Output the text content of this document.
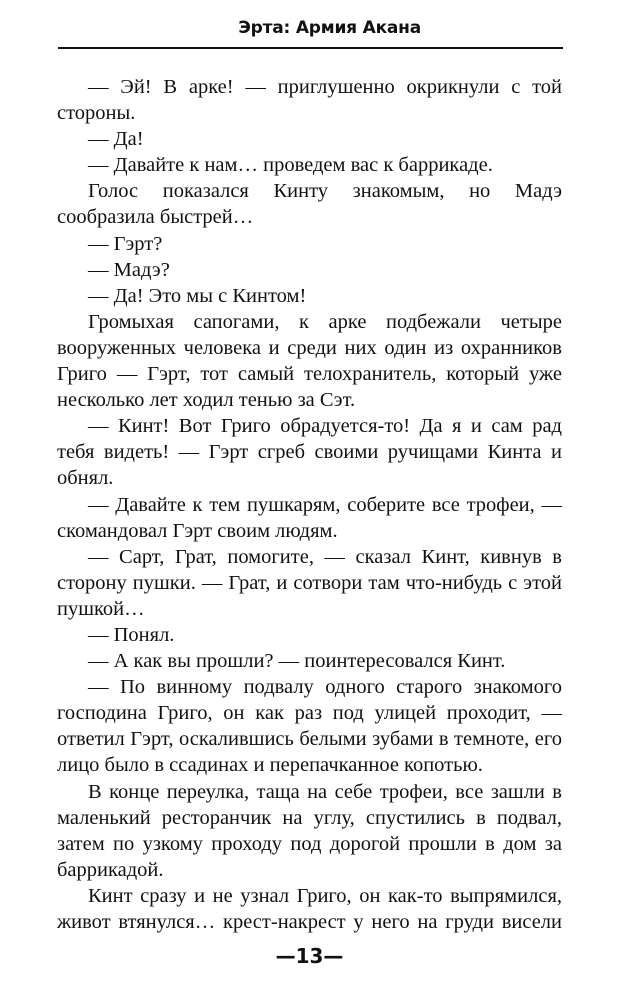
Эрта: Армия Акана

— Эй! В арке! — приглушенно окрикнули с той стороны.

— Да!

— Давайте к нам… проведем вас к баррикаде.

Голос показался Кинту знакомым, но Мадэ сообразила быстрей…

— Гэрт?

— Мадэ?

— Да! Это мы с Кинтом!

Громыхая сапогами, к арке подбежали четыре вооруженных человека и среди них один из охранников Григо — Гэрт, тот самый телохранитель, который уже несколько лет ходил тенью за Сэт.

— Кинт! Вот Григо обрадуется-то! Да я и сам рад тебя видеть! — Гэрт сгреб своими ручищами Кинта и обнял.

— Давайте к тем пушкарям, соберите все трофеи, — скомандовал Гэрт своим людям.

— Сарт, Грат, помогите, — сказал Кинт, кивнув в сторону пушки. — Грат, и сотвори там что-нибудь с этой пушкой…

— Понял.

— А как вы прошли? — поинтересовался Кинт.

— По винному подвалу одного старого знакомого господина Григо, он как раз под улицей проходит, — ответил Гэрт, оскалившись белыми зубами в темноте, его лицо было в ссадинах и перепачканное копотью.

В конце переулка, таща на себе трофеи, все зашли в маленький ресторанчик на углу, спустились в подвал, затем по узкому проходу под дорогой прошли в дом за баррикадой.

Кинт сразу и не узнал Григо, он как-то выпрямился, живот втянулся… крест-накрест у него на груди висели

—13—
